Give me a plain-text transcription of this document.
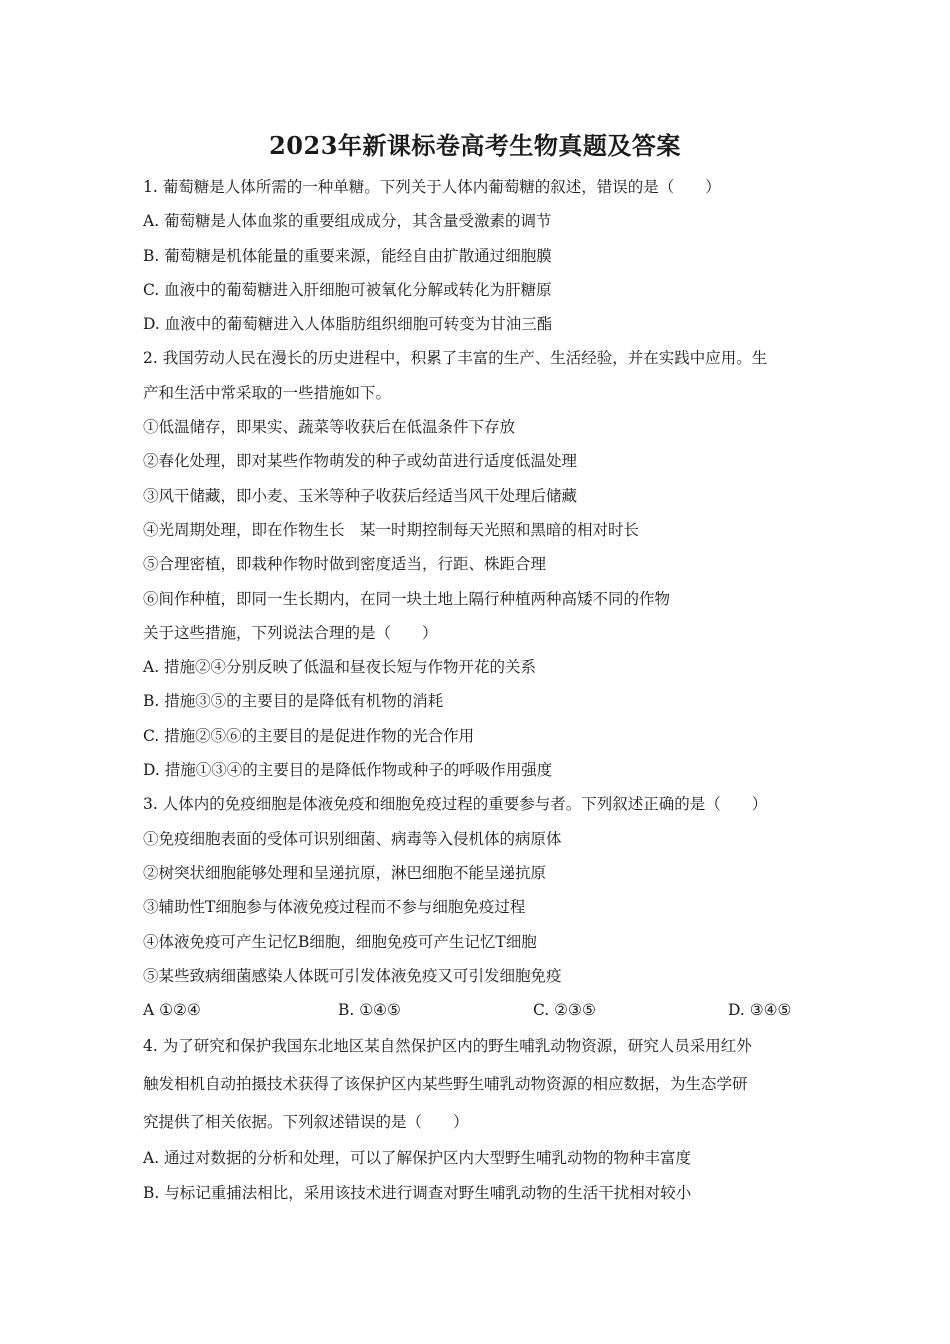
2023年新课标卷高考生物真题及答案
1. 葡萄糖是人体所需的一种单糖。下列关于人体内葡萄糖的叙述，错误的是（　　）
A. 葡萄糖是人体血浆的重要组成成分，其含量受激素的调节
B. 葡萄糖是机体能量的重要来源，能经自由扩散通过细胞膜
C. 血液中的葡萄糖进入肝细胞可被氧化分解或转化为肝糖原
D. 血液中的葡萄糖进入人体脂肪组织细胞可转变为甘油三酯
2. 我国劳动人民在漫长的历史进程中，积累了丰富的生产、生活经验，并在实践中应用。生
产和生活中常采取的一些措施如下。
①低温储存，即果实、蔬菜等收获后在低温条件下存放
②春化处理，即对某些作物萌发的种子或幼苗进行适度低温处理
③风干储藏，即小麦、玉米等种子收获后经适当风干处理后储藏
④光周期处理，即在作物生长　某一时期控制每天光照和黑暗的相对时长
⑤合理密植，即栽种作物时做到密度适当，行距、株距合理
⑥间作种植，即同一生长期内，在同一块土地上隔行种植两种高矮不同的作物
关于这些措施，下列说法合理的是（　　）
A. 措施②④分别反映了低温和昼夜长短与作物开花的关系
B. 措施③⑤的主要目的是降低有机物的消耗
C. 措施②⑤⑥的主要目的是促进作物的光合作用
D. 措施①③④的主要目的是降低作物或种子的呼吸作用强度
3. 人体内的免疫细胞是体液免疫和细胞免疫过程的重要参与者。下列叙述正确的是（　　）
①免疫细胞表面的受体可识别细菌、病毒等入侵机体的病原体
②树突状细胞能够处理和呈递抗原，淋巴细胞不能呈递抗原
③辅助性T细胞参与体液免疫过程而不参与细胞免疫过程
④体液免疫可产生记忆B细胞，细胞免疫可产生记忆T细胞
⑤某些致病细菌感染人体既可引发体液免疫又可引发细胞免疫
A ①②④	B. ①④⑤	C. ②③⑤	D. ③④⑤
4. 为了研究和保护我国东北地区某自然保护区内的野生哺乳动物资源，研究人员采用红外
触发相机自动拍摄技术获得了该保护区内某些野生哺乳动物资源的相应数据，为生态学研
究提供了相关依据。下列叙述错误的是（　　）
A. 通过对数据的分析和处理，可以了解保护区内大型野生哺乳动物的物种丰富度
B. 与标记重捕法相比，采用该技术进行调查对野生哺乳动物的生活干扰相对较小
